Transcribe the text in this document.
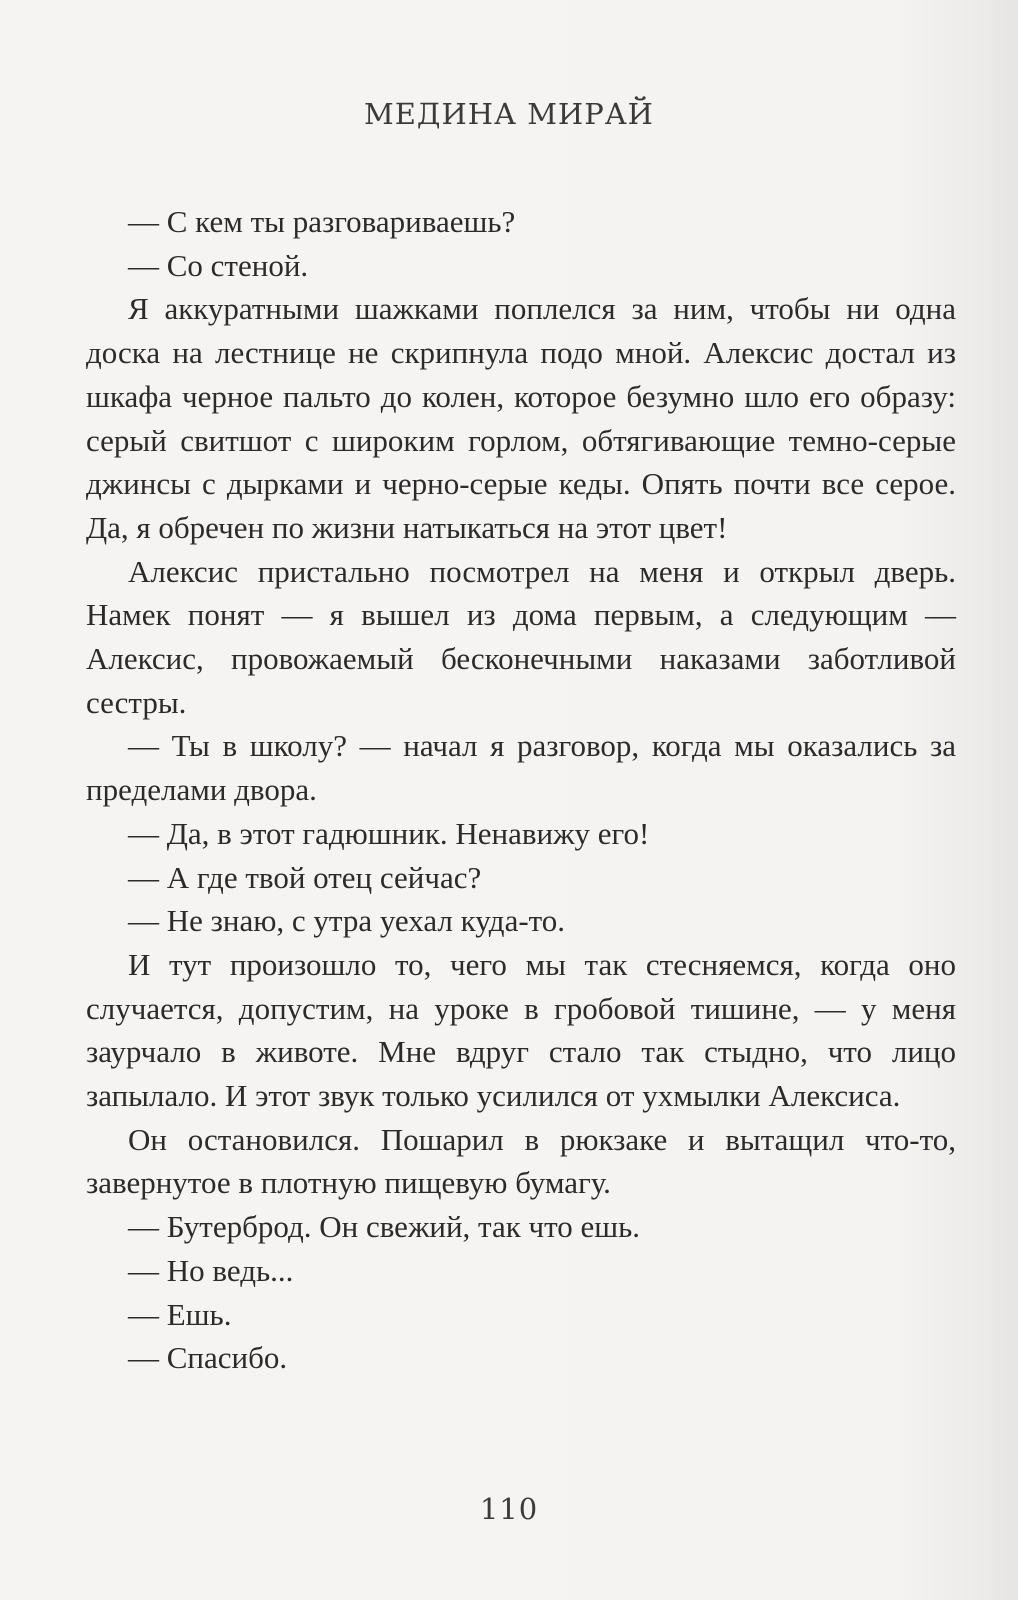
МЕДИНА МИРАЙ

— С кем ты разговариваешь?

— Со стеной.

Я аккуратными шажками поплелся за ним, чтобы ни одна доска на лестнице не скрипнула подо мной. Алексис достал из шкафа черное пальто до колен, которое безумно шло его образу: серый свитшот с широким горлом, обтягивающие темно-серые джинсы с дырками и черно-серые кеды. Опять почти все серое. Да, я обречен по жизни натыкаться на этот цвет!

Алексис пристально посмотрел на меня и открыл дверь. Намек понят — я вышел из дома первым, а следующим — Алексис, провожаемый бесконечными наказами заботливой сестры.

— Ты в школу? — начал я разговор, когда мы оказались за пределами двора.

— Да, в этот гадюшник. Ненавижу его!

— А где твой отец сейчас?

— Не знаю, с утра уехал куда-то.

И тут произошло то, чего мы так стесняемся, когда оно случается, допустим, на уроке в гробовой тишине, — у меня заурчало в животе. Мне вдруг стало так стыдно, что лицо запылало. И этот звук только усилился от ухмылки Алексиса.

Он остановился. Пошарил в рюкзаке и вытащил что-то, завернутое в плотную пищевую бумагу.

— Бутерброд. Он свежий, так что ешь.

— Но ведь...

— Ешь.

— Спасибо.

110
